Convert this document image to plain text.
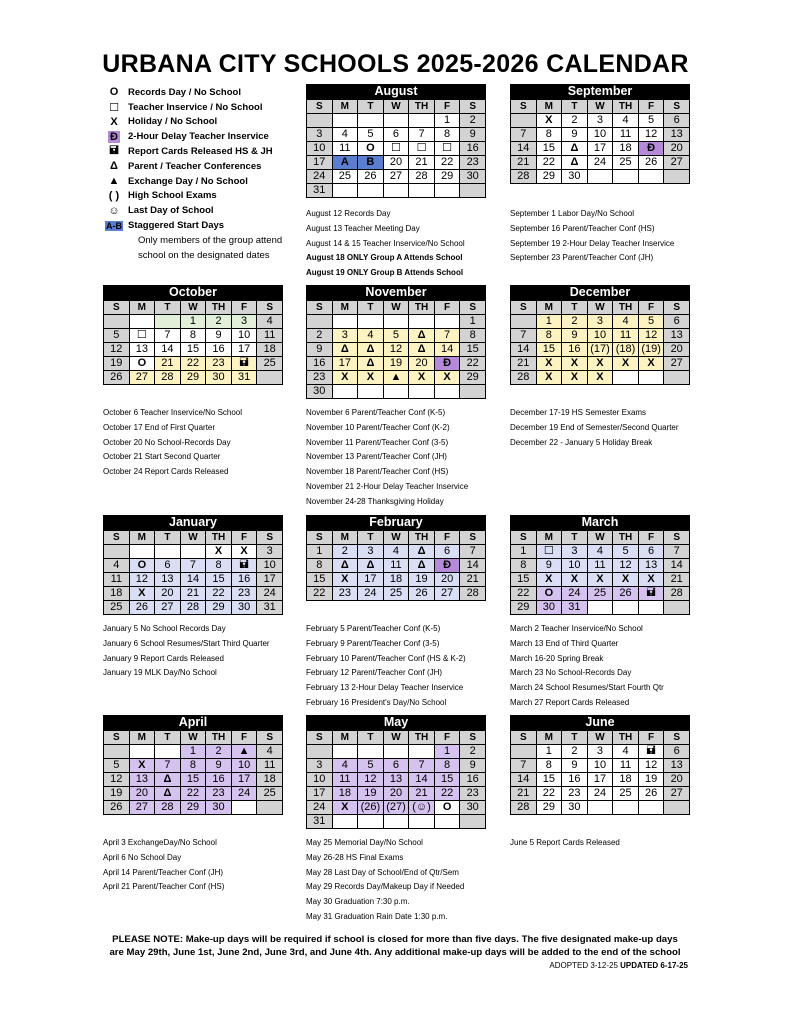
URBANA CITY SCHOOLS 2025-2026 CALENDAR
O	Records Day / No School
☐ Teacher Inservice / No School
X	Holiday / No School
Đ	2-Hour Delay Teacher Inservice
🖬 Report Cards Released HS & JH
Δ	Parent / Teacher Conferences
▲ Exchange Day / No School
( ) High School Exams
☺ Last Day of School
A-B Staggered Start Days
Only members of the group attend
school on the designated dates
August
S	M	T	W	TH	F	S
					1	2
3	4	5	6	7	8	9
10	11	O	☐	☐	☐	16
17	A	B	20	21	22	23
24	25	26	27	28	29	30
31						
September
S	M	T	W	TH	F	S
	X	2	3	4	5	6
7	8	9	10	11	12	13
14	15	Δ	17	18	Đ	20
21	22	Δ	24	25	26	27
28	29	30				
October
S	M	T	W	TH	F	S
			1	2	3	4
5	☐	7	8	9	10	11
12	13	14	15	16	17	18
19	O	21	22	23	🖬	25
26	27	28	29	30	31	
November
S	M	T	W	TH	F	S
						1
2	3	4	5	Δ	7	8
9	Δ	Δ	12	Δ	14	15
16	17	Δ	19	20	Đ	22
23	X	X	▲	X	X	29
30						
December
S	M	T	W	TH	F	S
	1	2	3	4	5	6
7	8	9	10	11	12	13
14	15	16	(17)	(18)	(19)	20
21	X	X	X	X	X	27
28	X	X	X			
January
S	M	T	W	TH	F	S
				X	X	3
4	O	6	7	8	🖬	10
11	12	13	14	15	16	17
18	X	20	21	22	23	24
25	26	27	28	29	30	31
February
S	M	T	W	TH	F	S
1	2	3	4	Δ	6	7
8	Δ	Δ	11	Δ	Đ	14
15	X	17	18	19	20	21
22	23	24	25	26	27	28
March
S	M	T	W	TH	F	S
1	☐	3	4	5	6	7
8	9	10	11	12	13	14
15	X	X	X	X	X	21
22	O	24	25	26	🖬	28
29	30	31				
April
S	M	T	W	TH	F	S
			1	2	▲	4
5	X	7	8	9	10	11
12	13	Δ	15	16	17	18
19	20	Δ	22	23	24	25
26	27	28	29	30		
May
S	M	T	W	TH	F	S
					1	2
3	4	5	6	7	8	9
10	11	12	13	14	15	16
17	18	19	20	21	22	23
24	X	(26)	(27)	(☺)	O	30
31						
June
S	M	T	W	TH	F	S
	1	2	3	4	🖬	6
7	8	9	10	11	12	13
14	15	16	17	18	19	20
21	22	23	24	25	26	27
28	29	30				
August 12 Records Day
August 13 Teacher Meeting Day
August 14 & 15 Teacher Inservice/No School
August 18 ONLY Group A Attends School
August 19 ONLY Group B Attends School
September 1 Labor Day/No School
September 16 Parent/Teacher Conf (HS)
September 19 2-Hour Delay Teacher Inservice
September 23 Parent/Teacher Conf (JH)
October 6 Teacher Inservice/No School
October 17 End of First Quarter
October 20 No School-Records Day
October 21 Start Second Quarter
October 24 Report Cards Released
November 6 Parent/Teacher Conf (K-5)
November 10 Parent/Teacher Conf (K-2)
November 11 Parent/Teacher Conf (3-5)
November 13 Parent/Teacher Conf (JH)
November 18 Parent/Teacher Conf (HS)
November 21 2-Hour Delay Teacher Inservice
November 24-28 Thanksgiving Holiday
December 17-19 HS Semester Exams
December 19 End of Semester/Second Quarter
December 22 - January 5 Holiday Break
January 5 No School Records Day
January 6 School Resumes/Start Third Quarter
January 9 Report Cards Released
January 19 MLK Day/No School
February 5 Parent/Teacher Conf (K-5)
February 9 Parent/Teacher Conf (3-5)
February 10 Parent/Teacher Conf (HS & K-2)
February 12 Parent/Teacher Conf (JH)
February 13 2-Hour Delay Teacher Inservice
February 16 President's Day/No School
March 2 Teacher Inservice/No School
March 13 End of Third Quarter
March 16-20 Spring Break
March 23 No School-Records Day
March 24 School Resumes/Start Fourth Qtr
March 27 Report Cards Released
April 3 ExchangeDay/No School
April 6 No School Day
April 14 Parent/Teacher Conf (JH)
April 21 Parent/Teacher Conf (HS)
May 25 Memorial Day/No School
May 26-28 HS Final Exams
May 28 Last Day of School/End of Qtr/Sem
May 29 Records Day/Makeup Day if Needed
May 30 Graduation 7:30 p.m.
May 31 Graduation Rain Date 1:30 p.m.
June 5 Report Cards Released
PLEASE NOTE: Make-up days will be required if school is closed for more than five days. The five designated make-up days
are May 29th, June 1st, June 2nd, June 3rd, and June 4th. Any additional make-up days will be added to the end of the school
ADOPTED 3-12-25 UPDATED 6-17-25
